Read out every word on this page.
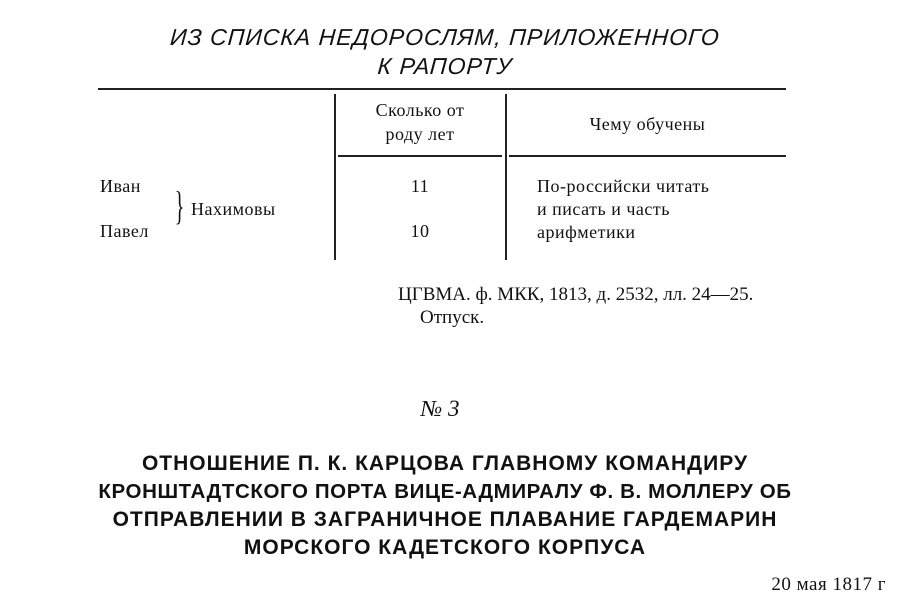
ИЗ СПИСКА НЕДОРОСЛЯМ, ПРИЛОЖЕННОГО
К РАПОРТУ
Сколько от
роду лет	Чему обучены
Иван
Павел
} Нахимовы
11
10
По-российски читать
и писать и часть
арифметики
ЦГВМА. ф. МКК, 1813, д. 2532, лл. 24—25.
Отпуск.
№ 3
ОТНОШЕНИЕ П. К. КАРЦОВА ГЛАВНОМУ КОМАНДИРУ
КРОНШТАДТСКОГО ПОРТА ВИЦЕ-АДМИРАЛУ Ф. В. МОЛЛЕРУ ОБ
ОТПРАВЛЕНИИ В ЗАГРАНИЧНОЕ ПЛАВАНИЕ ГАРДЕМАРИН
МОРСКОГО КАДЕТСКОГО КОРПУСА
20 мая 1817 г
